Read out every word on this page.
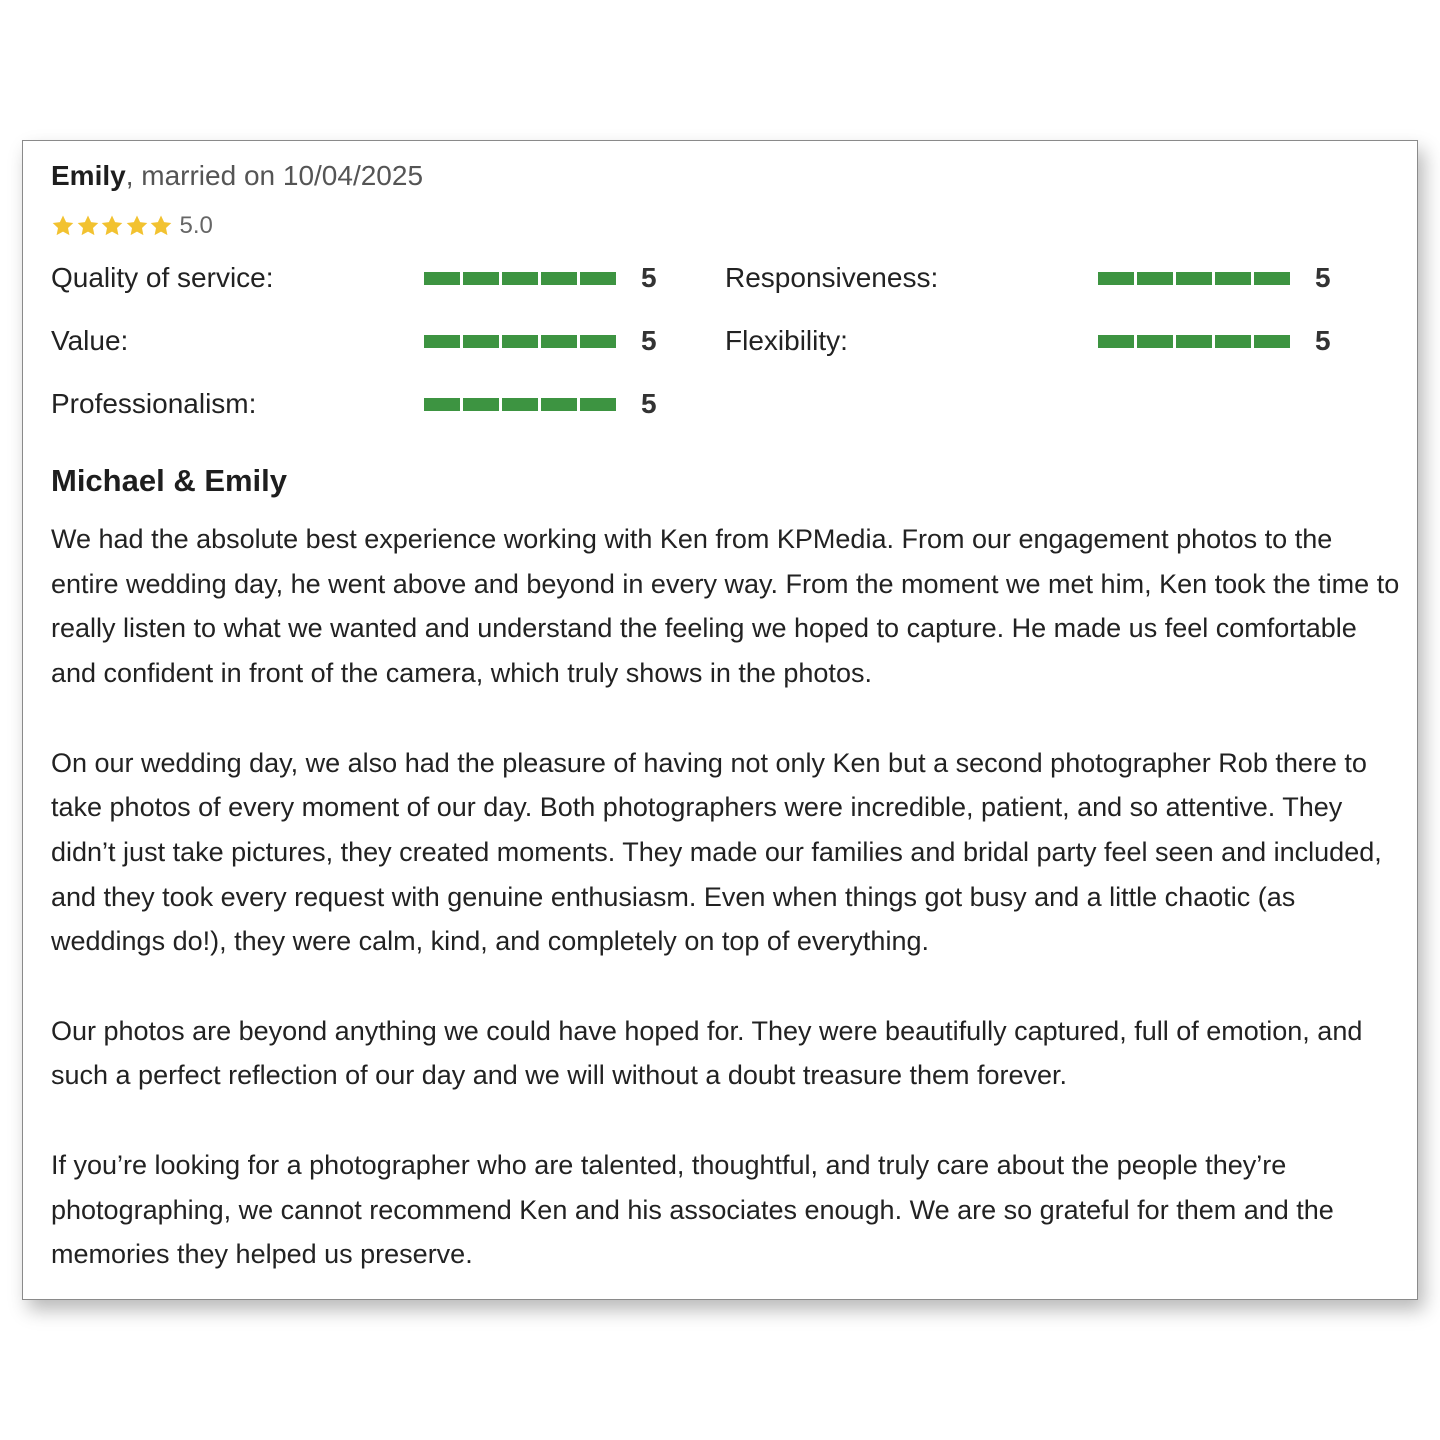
Emily, married on 10/04/2025
5.0
Quality of service:	5 Responsiveness:	5
Value:	5 Flexibility:	5
Professionalism:	5
Michael & Emily

We had the absolute best experience working with Ken from KPMedia. From our engagement photos to the entire wedding day, he went above and beyond in every way. From the moment we met him, Ken took the time to really listen to what we wanted and understand the feeling we hoped to capture. He made us feel comfortable and confident in front of the camera, which truly shows in the photos.

On our wedding day, we also had the pleasure of having not only Ken but a second photographer Rob there to take photos of every moment of our day. Both photographers were incredible, patient, and so attentive. They didn’t just take pictures, they created moments. They made our families and bridal party feel seen and included, and they took every request with genuine enthusiasm. Even when things got busy and a little chaotic (as weddings do!), they were calm, kind, and completely on top of everything.

Our photos are beyond anything we could have hoped for. They were beautifully captured, full of emotion, and such a perfect reflection of our day and we will without a doubt treasure them forever.

If you’re looking for a photographer who are talented, thoughtful, and truly care about the people they’re photographing, we cannot recommend Ken and his associates enough. We are so grateful for them and the memories they helped us preserve.
